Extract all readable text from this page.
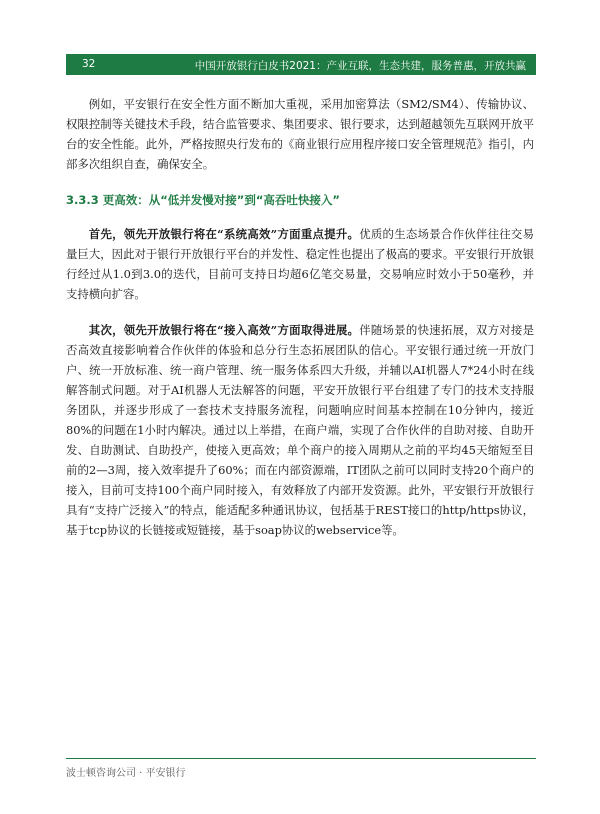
32	中国开放银行白皮书2021：产业互联，生态共建，服务普惠，开放共赢

例如，平安银行在安全性方面不断加大重视，采用加密算法（SM2/SM4）、传输协议、权限控制等关键技术手段，结合监管要求、集团要求、银行要求，达到超越领先互联网开放平台的安全性能。此外，严格按照央行发布的《商业银行应用程序接口安全管理规范》指引，内部多次组织自查，确保安全。

3.3.3 更高效：从“低并发慢对接”到“高吞吐快接入”

首先，领先开放银行将在“系统高效”方面重点提升。优质的生态场景合作伙伴往往交易量巨大，因此对于银行开放银行平台的并发性、稳定性也提出了极高的要求。平安银行开放银行经过从1.0到3.0的迭代，目前可支持日均超6亿笔交易量，交易响应时效小于50毫秒，并支持横向扩容。

其次，领先开放银行将在“接入高效”方面取得进展。伴随场景的快速拓展，双方对接是否高效直接影响着合作伙伴的体验和总分行生态拓展团队的信心。平安银行通过统一开放门户、统一开放标准、统一商户管理、统一服务体系四大升级，并辅以AI机器人7*24小时在线解答制式问题。对于AI机器人无法解答的问题，平安开放银行平台组建了专门的技术支持服务团队，并逐步形成了一套技术支持服务流程，问题响应时间基本控制在10分钟内，接近80%的问题在1小时内解决。通过以上举措，在商户端，实现了合作伙伴的自助对接、自助开发、自助测试、自助投产，使接入更高效；单个商户的接入周期从之前的平均45天缩短至目前的2—3周，接入效率提升了60%；而在内部资源端，IT团队之前可以同时支持20个商户的接入，目前可支持100个商户同时接入，有效释放了内部开发资源。此外，平安银行开放银行具有“支持广泛接入”的特点，能适配多种通讯协议，包括基于REST接口的http/https协议，基于tcp协议的长链接或短链接，基于soap协议的webservice等。

波士顿咨询公司 · 平安银行
